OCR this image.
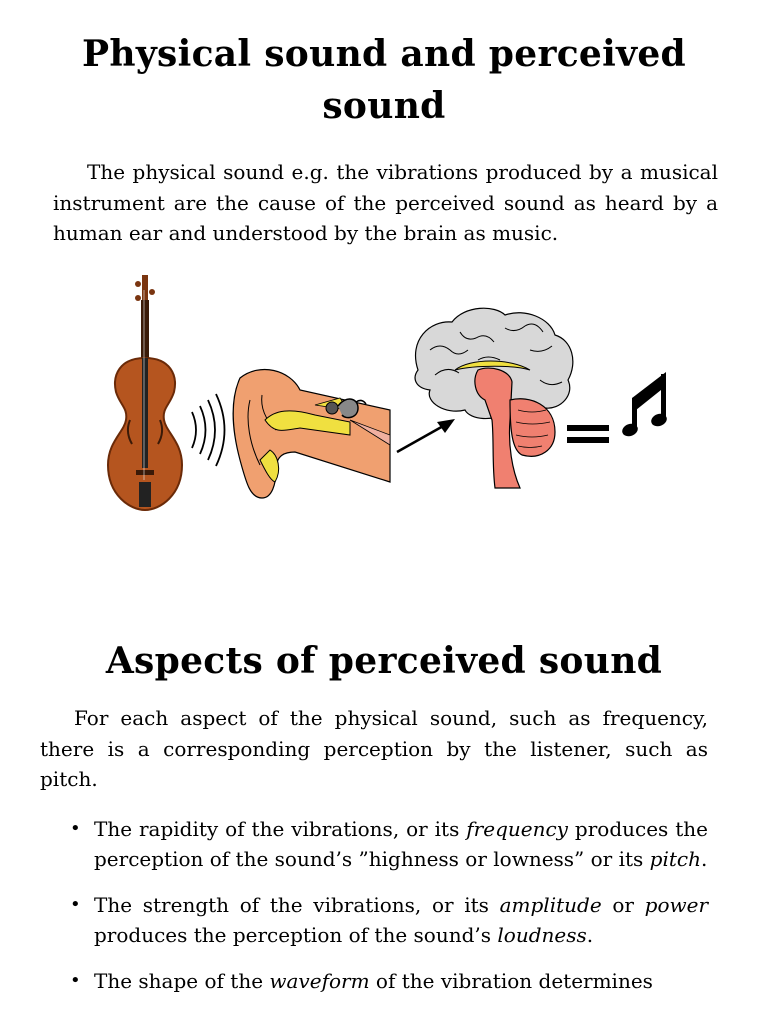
Physical sound and perceived sound

The physical sound e.g. the vibrations produced by a musical instrument are the cause of the perceived sound as heard by a human ear and understood by the brain as music.

Aspects of perceived sound

For each aspect of the physical sound, such as frequency, there is a corresponding perception by the listener, such as pitch.

• The rapidity of the vibrations, or its frequency produces the perception of the sound’s ”highness or lowness” or its pitch.
• The strength of the vibrations, or its amplitude or power produces the perception of the sound’s loudness.
• The shape of the waveform of the vibration determines
